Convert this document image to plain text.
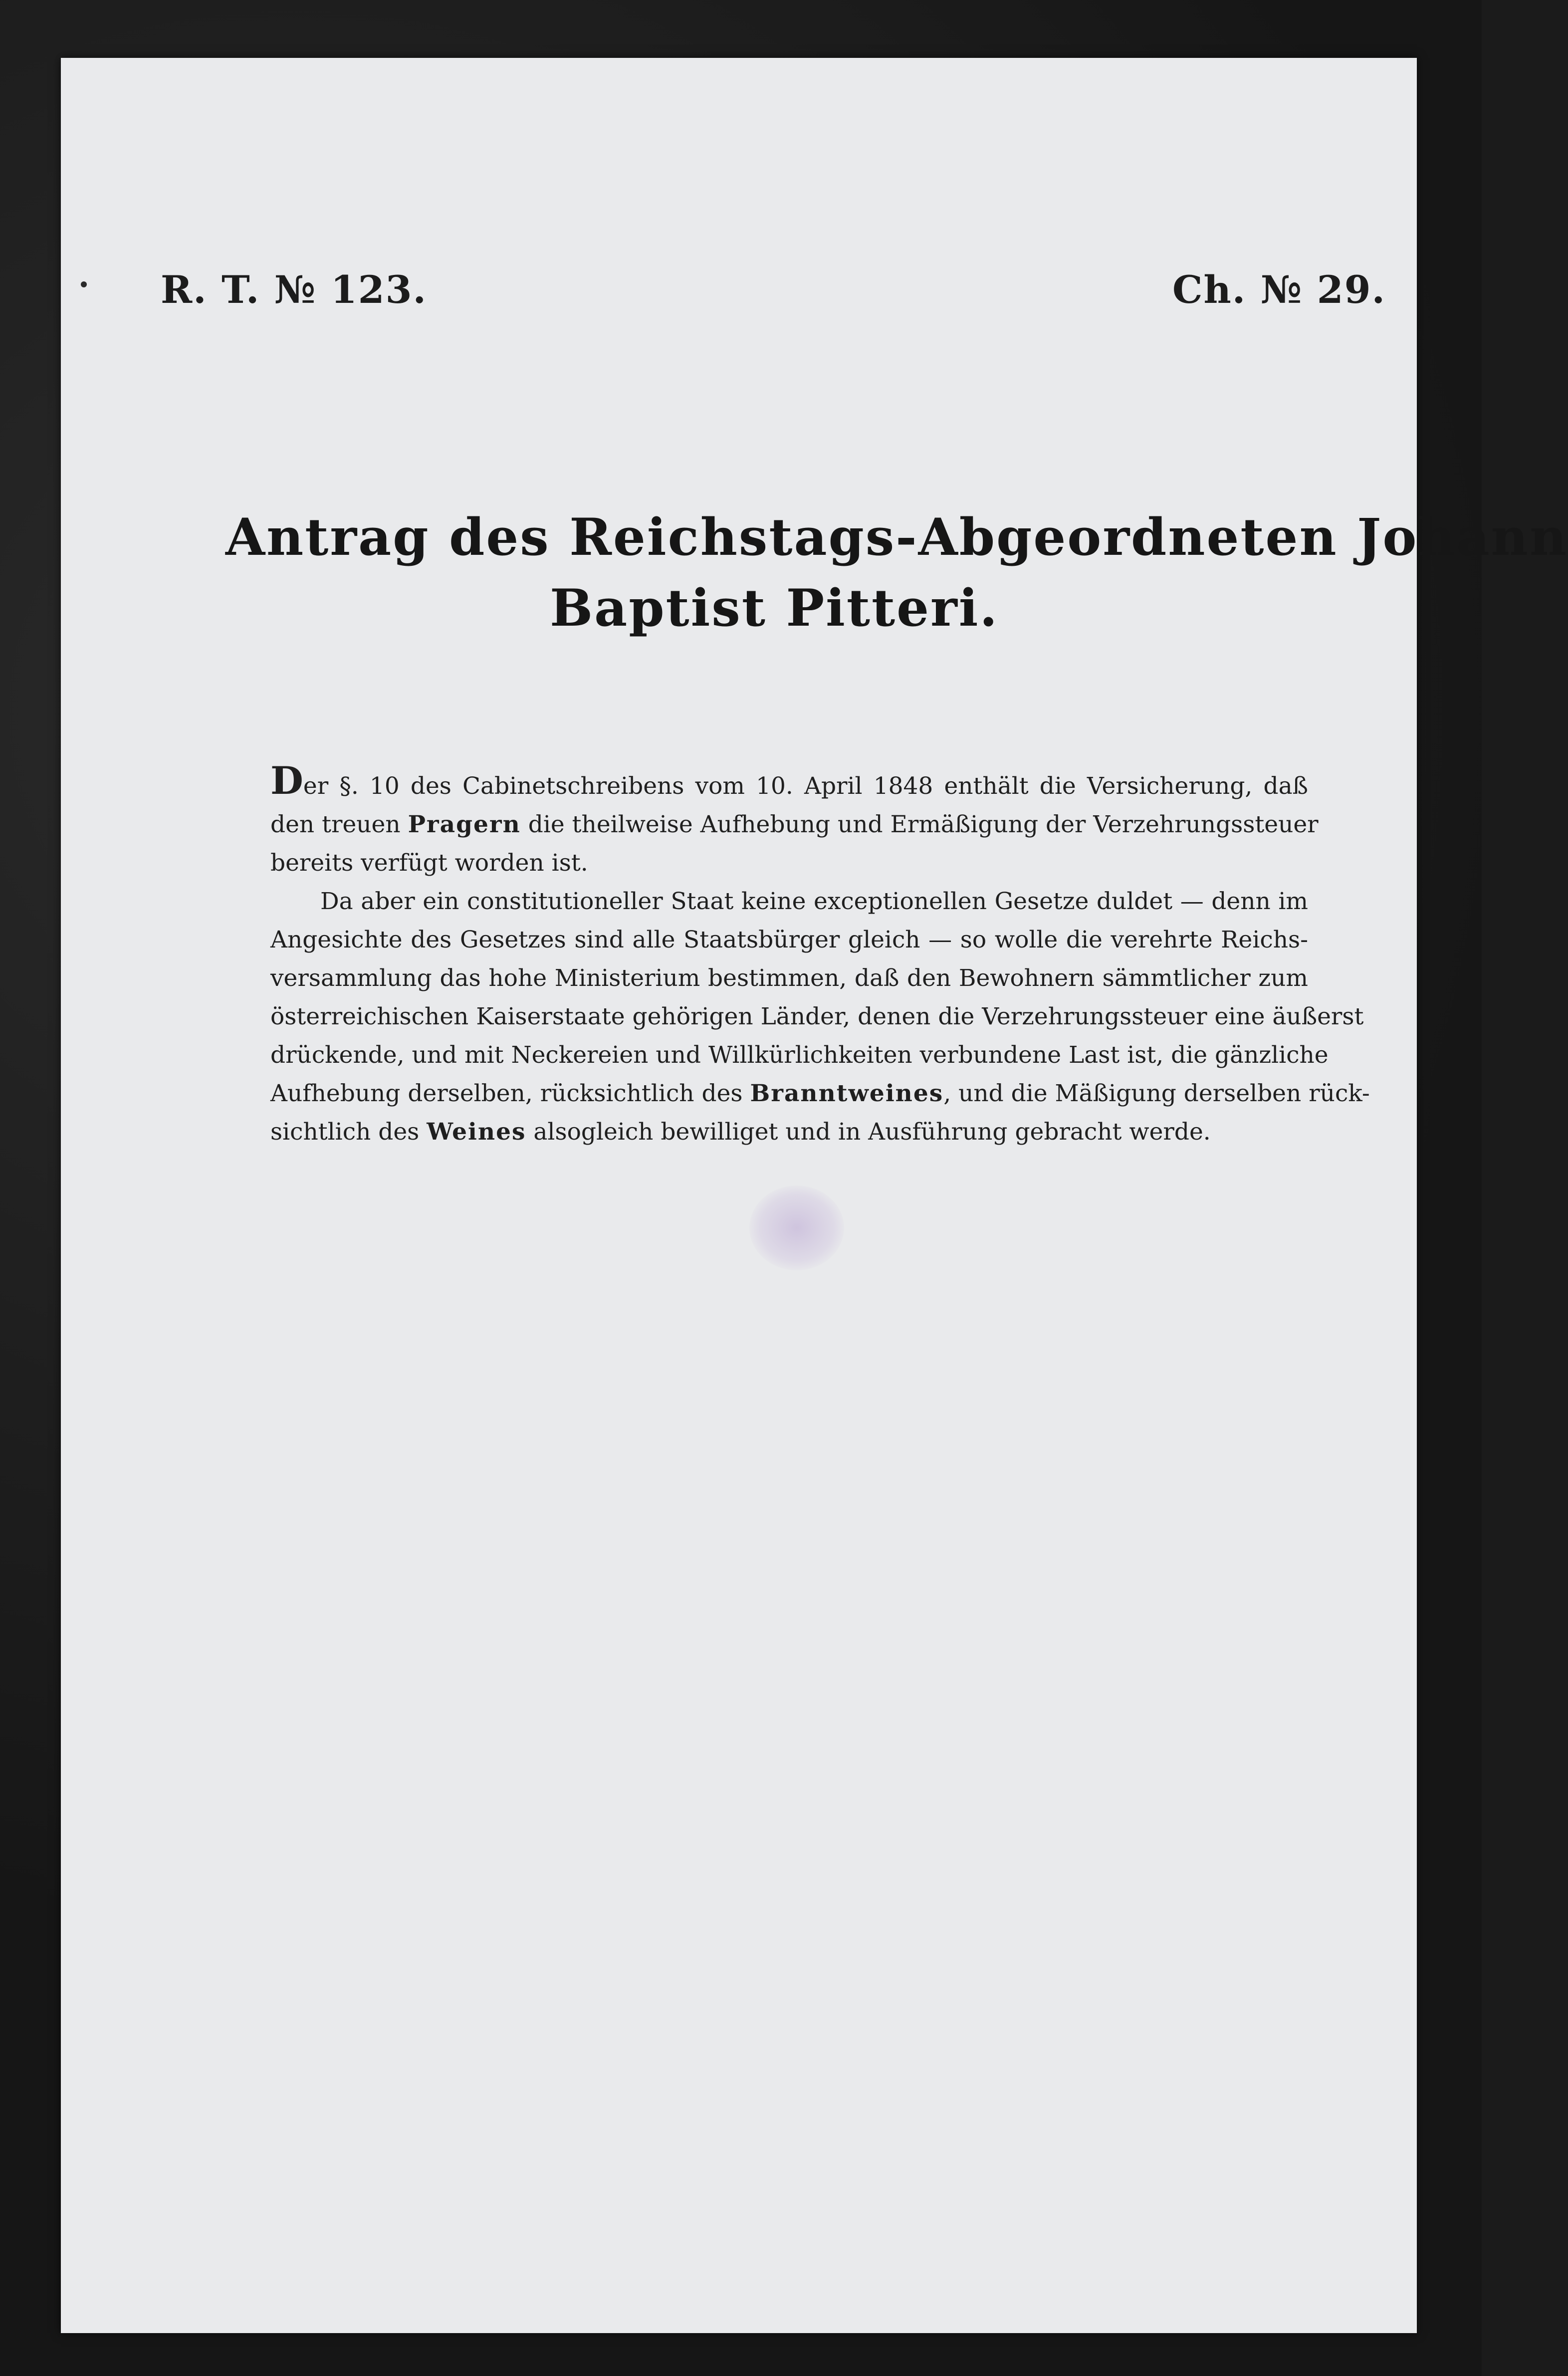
R. T. № 123.	Ch. № 29.
Antrag des Reichstags-Abgeordneten Johann
Baptist Pitteri.
Der §. 10 des Cabinetschreibens vom 10. April 1848 enthält die Versicherung, daß
den treuen Pragern die theilweise Aufhebung und Ermäßigung der Verzehrungssteuer
bereits verfügt worden ist.
Da aber ein constitutioneller Staat keine exceptionellen Gesetze duldet — denn im
Angesichte des Gesetzes sind alle Staatsbürger gleich — so wolle die verehrte Reichs-
versammlung das hohe Ministerium bestimmen, daß den Bewohnern sämmtlicher zum
österreichischen Kaiserstaate gehörigen Länder, denen die Verzehrungssteuer eine äußerst
drückende, und mit Neckereien und Willkürlichkeiten verbundene Last ist, die gänzliche
Aufhebung derselben, rücksichtlich des Branntweines, und die Mäßigung derselben rück-
sichtlich des Weines alsogleich bewilliget und in Ausführung gebracht werde.
